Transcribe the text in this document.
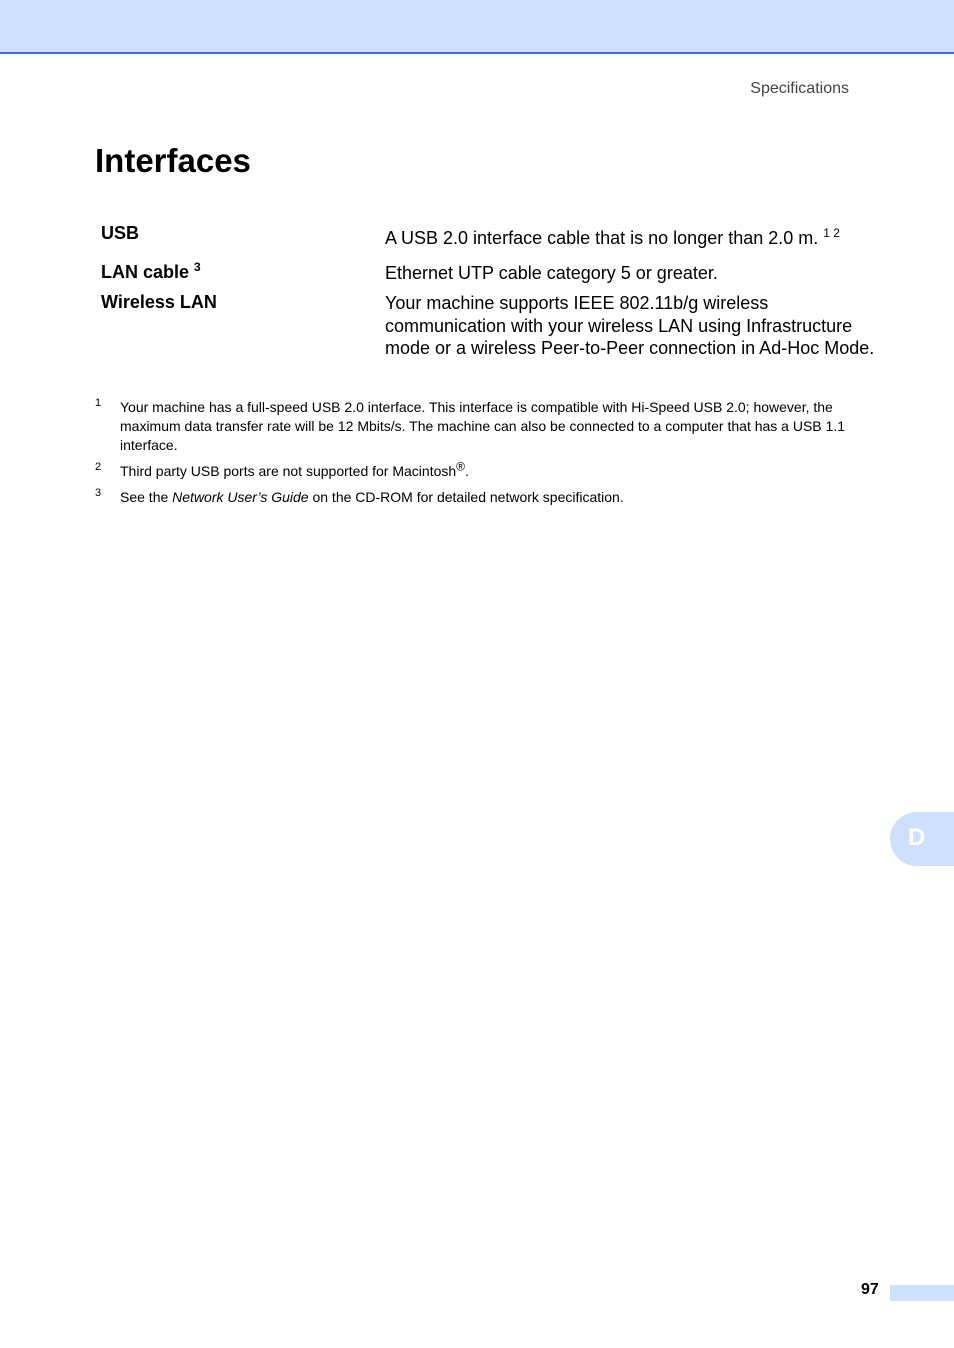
Specifications
Interfaces
USB	A USB 2.0 interface cable that is no longer than 2.0 m. $^{1 2}$
LAN cable $^3$	Ethernet UTP cable category 5 or greater.
Wireless LAN	Your machine supports IEEE 802.11b/g wireless communication with your wireless LAN using Infrastructure mode or a wireless Peer-to-Peer connection in Ad-Hoc Mode.
1 Your machine has a full-speed USB 2.0 interface. This interface is compatible with Hi-Speed USB 2.0; however, the maximum data transfer rate will be 12 Mbits/s. The machine can also be connected to a computer that has a USB 1.1 interface.
2 Third party USB ports are not supported for Macintosh®.
3 See the Network User’s Guide on the CD-ROM for detailed network specification.
D
97
